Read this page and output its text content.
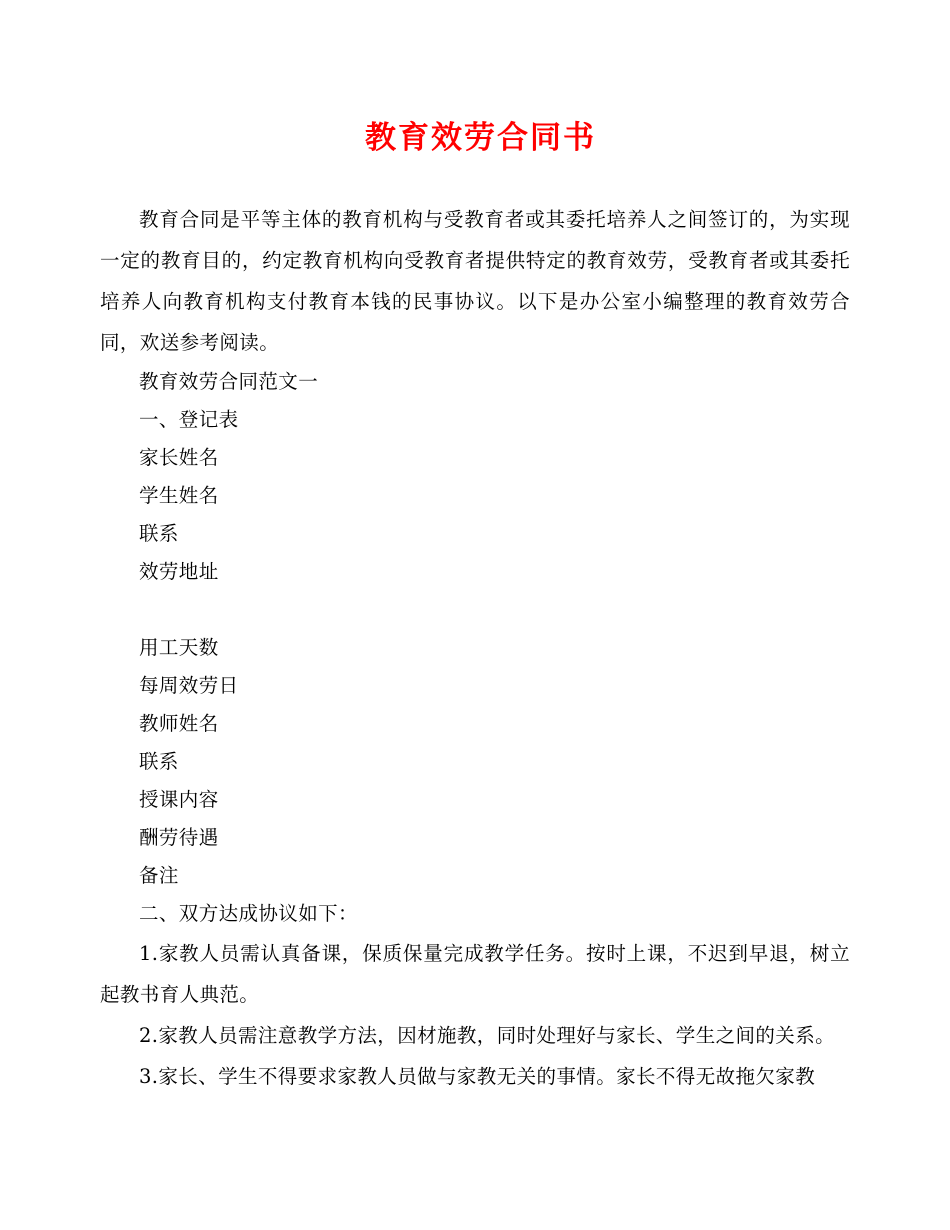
教育效劳合同书

教育合同是平等主体的教育机构与受教育者或其委托培养人之间签订的，为实现一定的教育目的，约定教育机构向受教育者提供特定的教育效劳，受教育者或其委托培养人向教育机构支付教育本钱的民事协议。以下是办公室小编整理的教育效劳合同，欢送参考阅读。

教育效劳合同范文一

一、登记表

家长姓名

学生姓名

联系

效劳地址

用工天数

每周效劳日

教师姓名

联系

授课内容

酬劳待遇

备注

二、双方达成协议如下：

1.家教人员需认真备课，保质保量完成教学任务。按时上课，不迟到早退，树立起教书育人典范。

2.家教人员需注意教学方法，因材施教，同时处理好与家长、学生之间的关系。

3.家长、学生不得要求家教人员做与家教无关的事情。家长不得无故拖欠家教
